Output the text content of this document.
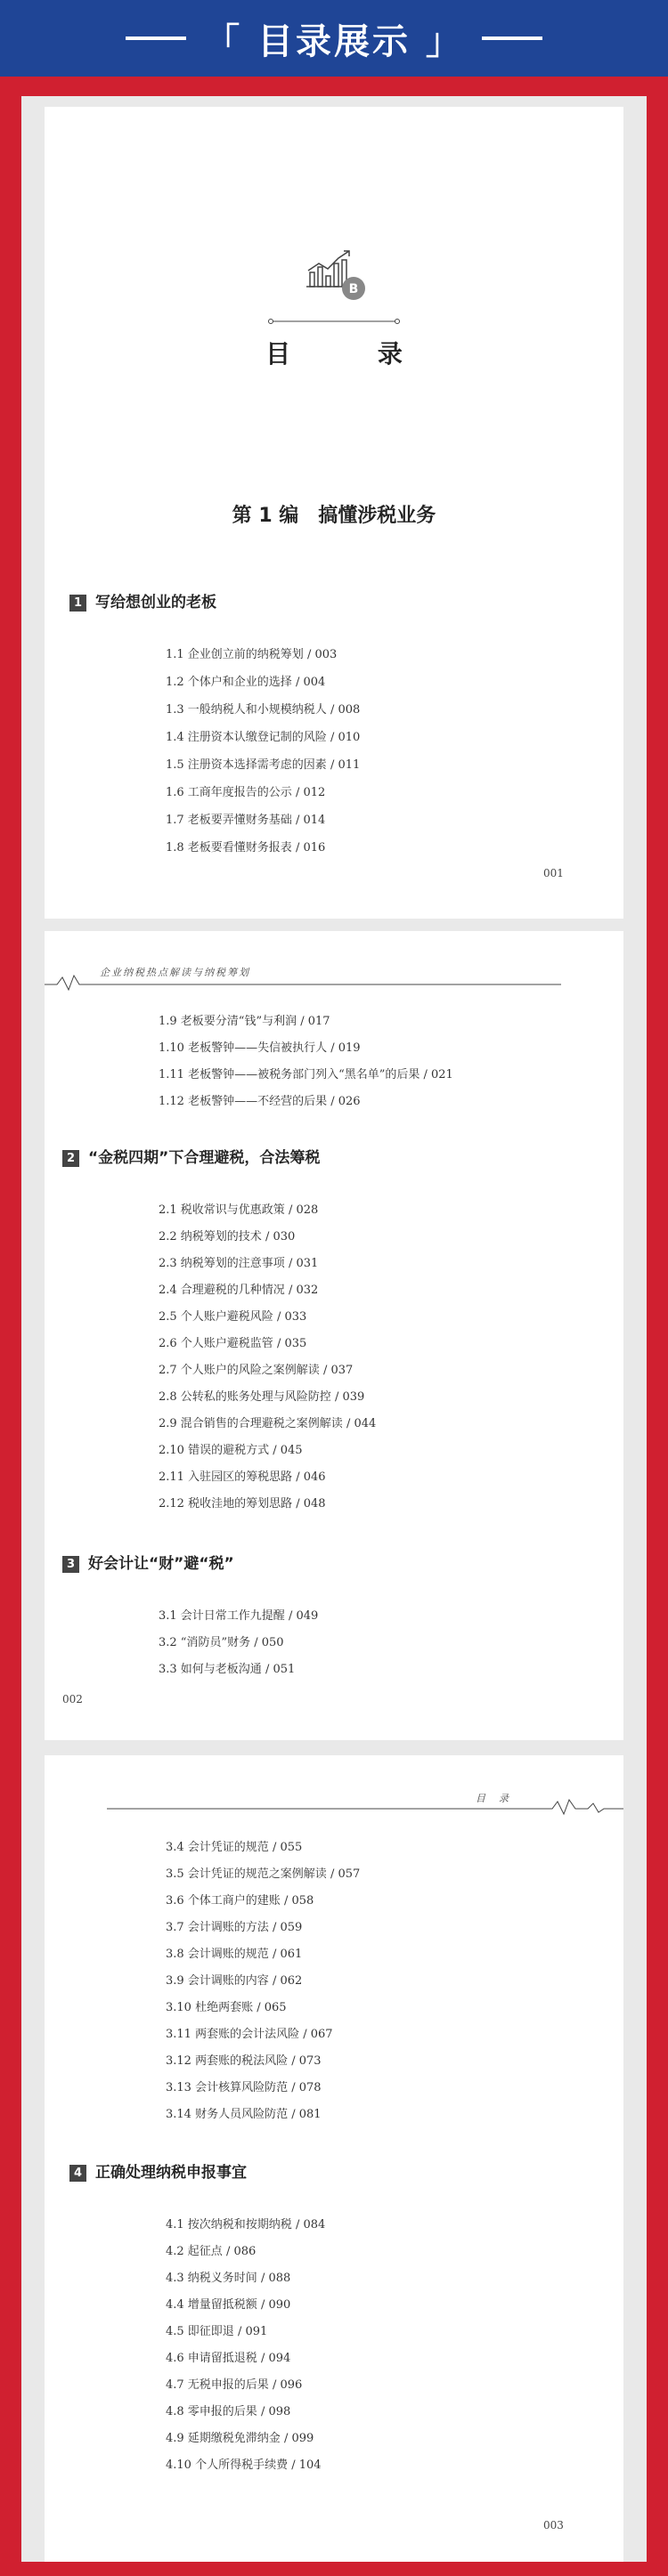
「 目录展示 」
B
目 录
第 1 编　搞懂涉税业务
1 写给想创业的老板
1.1 企业创立前的纳税筹划 / 003
1.2 个体户和企业的选择 / 004
1.3 一般纳税人和小规模纳税人 / 008
1.4 注册资本认缴登记制的风险 / 010
1.5 注册资本选择需考虑的因素 / 011
1.6 工商年度报告的公示 / 012
1.7 老板要弄懂财务基础 / 014
1.8 老板要看懂财务报表 / 016
001
企业纳税热点解读与纳税筹划
1.9 老板要分清“钱”与利润 / 017
1.10 老板警钟——失信被执行人 / 019
1.11 老板警钟——被税务部门列入“黑名单”的后果 / 021
1.12 老板警钟——不经营的后果 / 026
2 “金税四期”下合理避税，合法筹税
2.1 税收常识与优惠政策 / 028
2.2 纳税筹划的技术 / 030
2.3 纳税筹划的注意事项 / 031
2.4 合理避税的几种情况 / 032
2.5 个人账户避税风险 / 033
2.6 个人账户避税监管 / 035
2.7 个人账户的风险之案例解读 / 037
2.8 公转私的账务处理与风险防控 / 039
2.9 混合销售的合理避税之案例解读 / 044
2.10 错误的避税方式 / 045
2.11 入驻园区的筹税思路 / 046
2.12 税收洼地的筹划思路 / 048
3 好会计让“财”避“税”
3.1 会计日常工作九提醒 / 049
3.2 “消防员”财务 / 050
3.3 如何与老板沟通 / 051
002
目　录
3.4 会计凭证的规范 / 055
3.5 会计凭证的规范之案例解读 / 057
3.6 个体工商户的建账 / 058
3.7 会计调账的方法 / 059
3.8 会计调账的规范 / 061
3.9 会计调账的内容 / 062
3.10 杜绝两套账 / 065
3.11 两套账的会计法风险 / 067
3.12 两套账的税法风险 / 073
3.13 会计核算风险防范 / 078
3.14 财务人员风险防范 / 081
4 正确处理纳税申报事宜
4.1 按次纳税和按期纳税 / 084
4.2 起征点 / 086
4.3 纳税义务时间 / 088
4.4 增量留抵税额 / 090
4.5 即征即退 / 091
4.6 申请留抵退税 / 094
4.7 无税申报的后果 / 096
4.8 零申报的后果 / 098
4.9 延期缴税免滞纳金 / 099
4.10 个人所得税手续费 / 104
003
